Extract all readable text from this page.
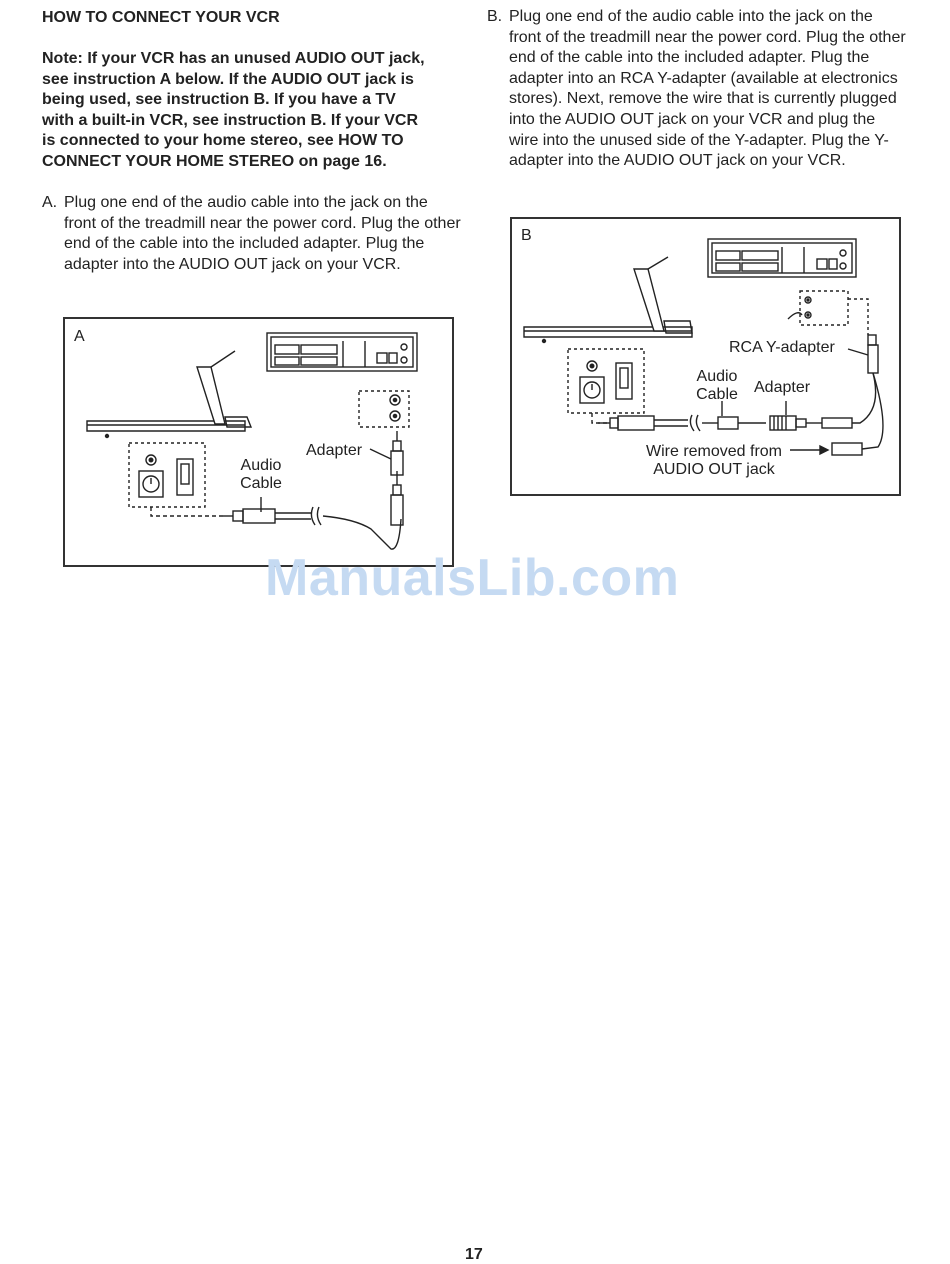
HOW TO CONNECT YOUR VCR

Note: If your VCR has an unused AUDIO OUT jack,

see instruction A below. If the AUDIO OUT jack is

being used, see instruction B. If you have a TV

with a built-in VCR, see instruction B. If your VCR

is connected to your home stereo, see HOW TO

CONNECT YOUR HOME STEREO on page 16.

A. Plug one end of the audio cable into the jack on the front of the treadmill near the power cord. Plug the other end of the cable into the included adapter. Plug the adapter into the AUDIO OUT jack on your VCR.
B. Plug one end of the audio cable into the jack on the front of the treadmill near the power cord. Plug the other end of the cable into the included adapter. Plug the adapter into an RCA Y-adapter (available at electronics stores). Next, remove the wire that is currently plugged into the AUDIO OUT jack on your VCR and plug the wire into the unused side of the Y-adapter. Plug the Y-adapter into the AUDIO OUT jack on your VCR.
A
Adapter
Audio
Cable
B
RCA Y-adapter
Audio
Cable	Adapter
Wire removed from
AUDIO OUT jack
ManualsLib.com
17
